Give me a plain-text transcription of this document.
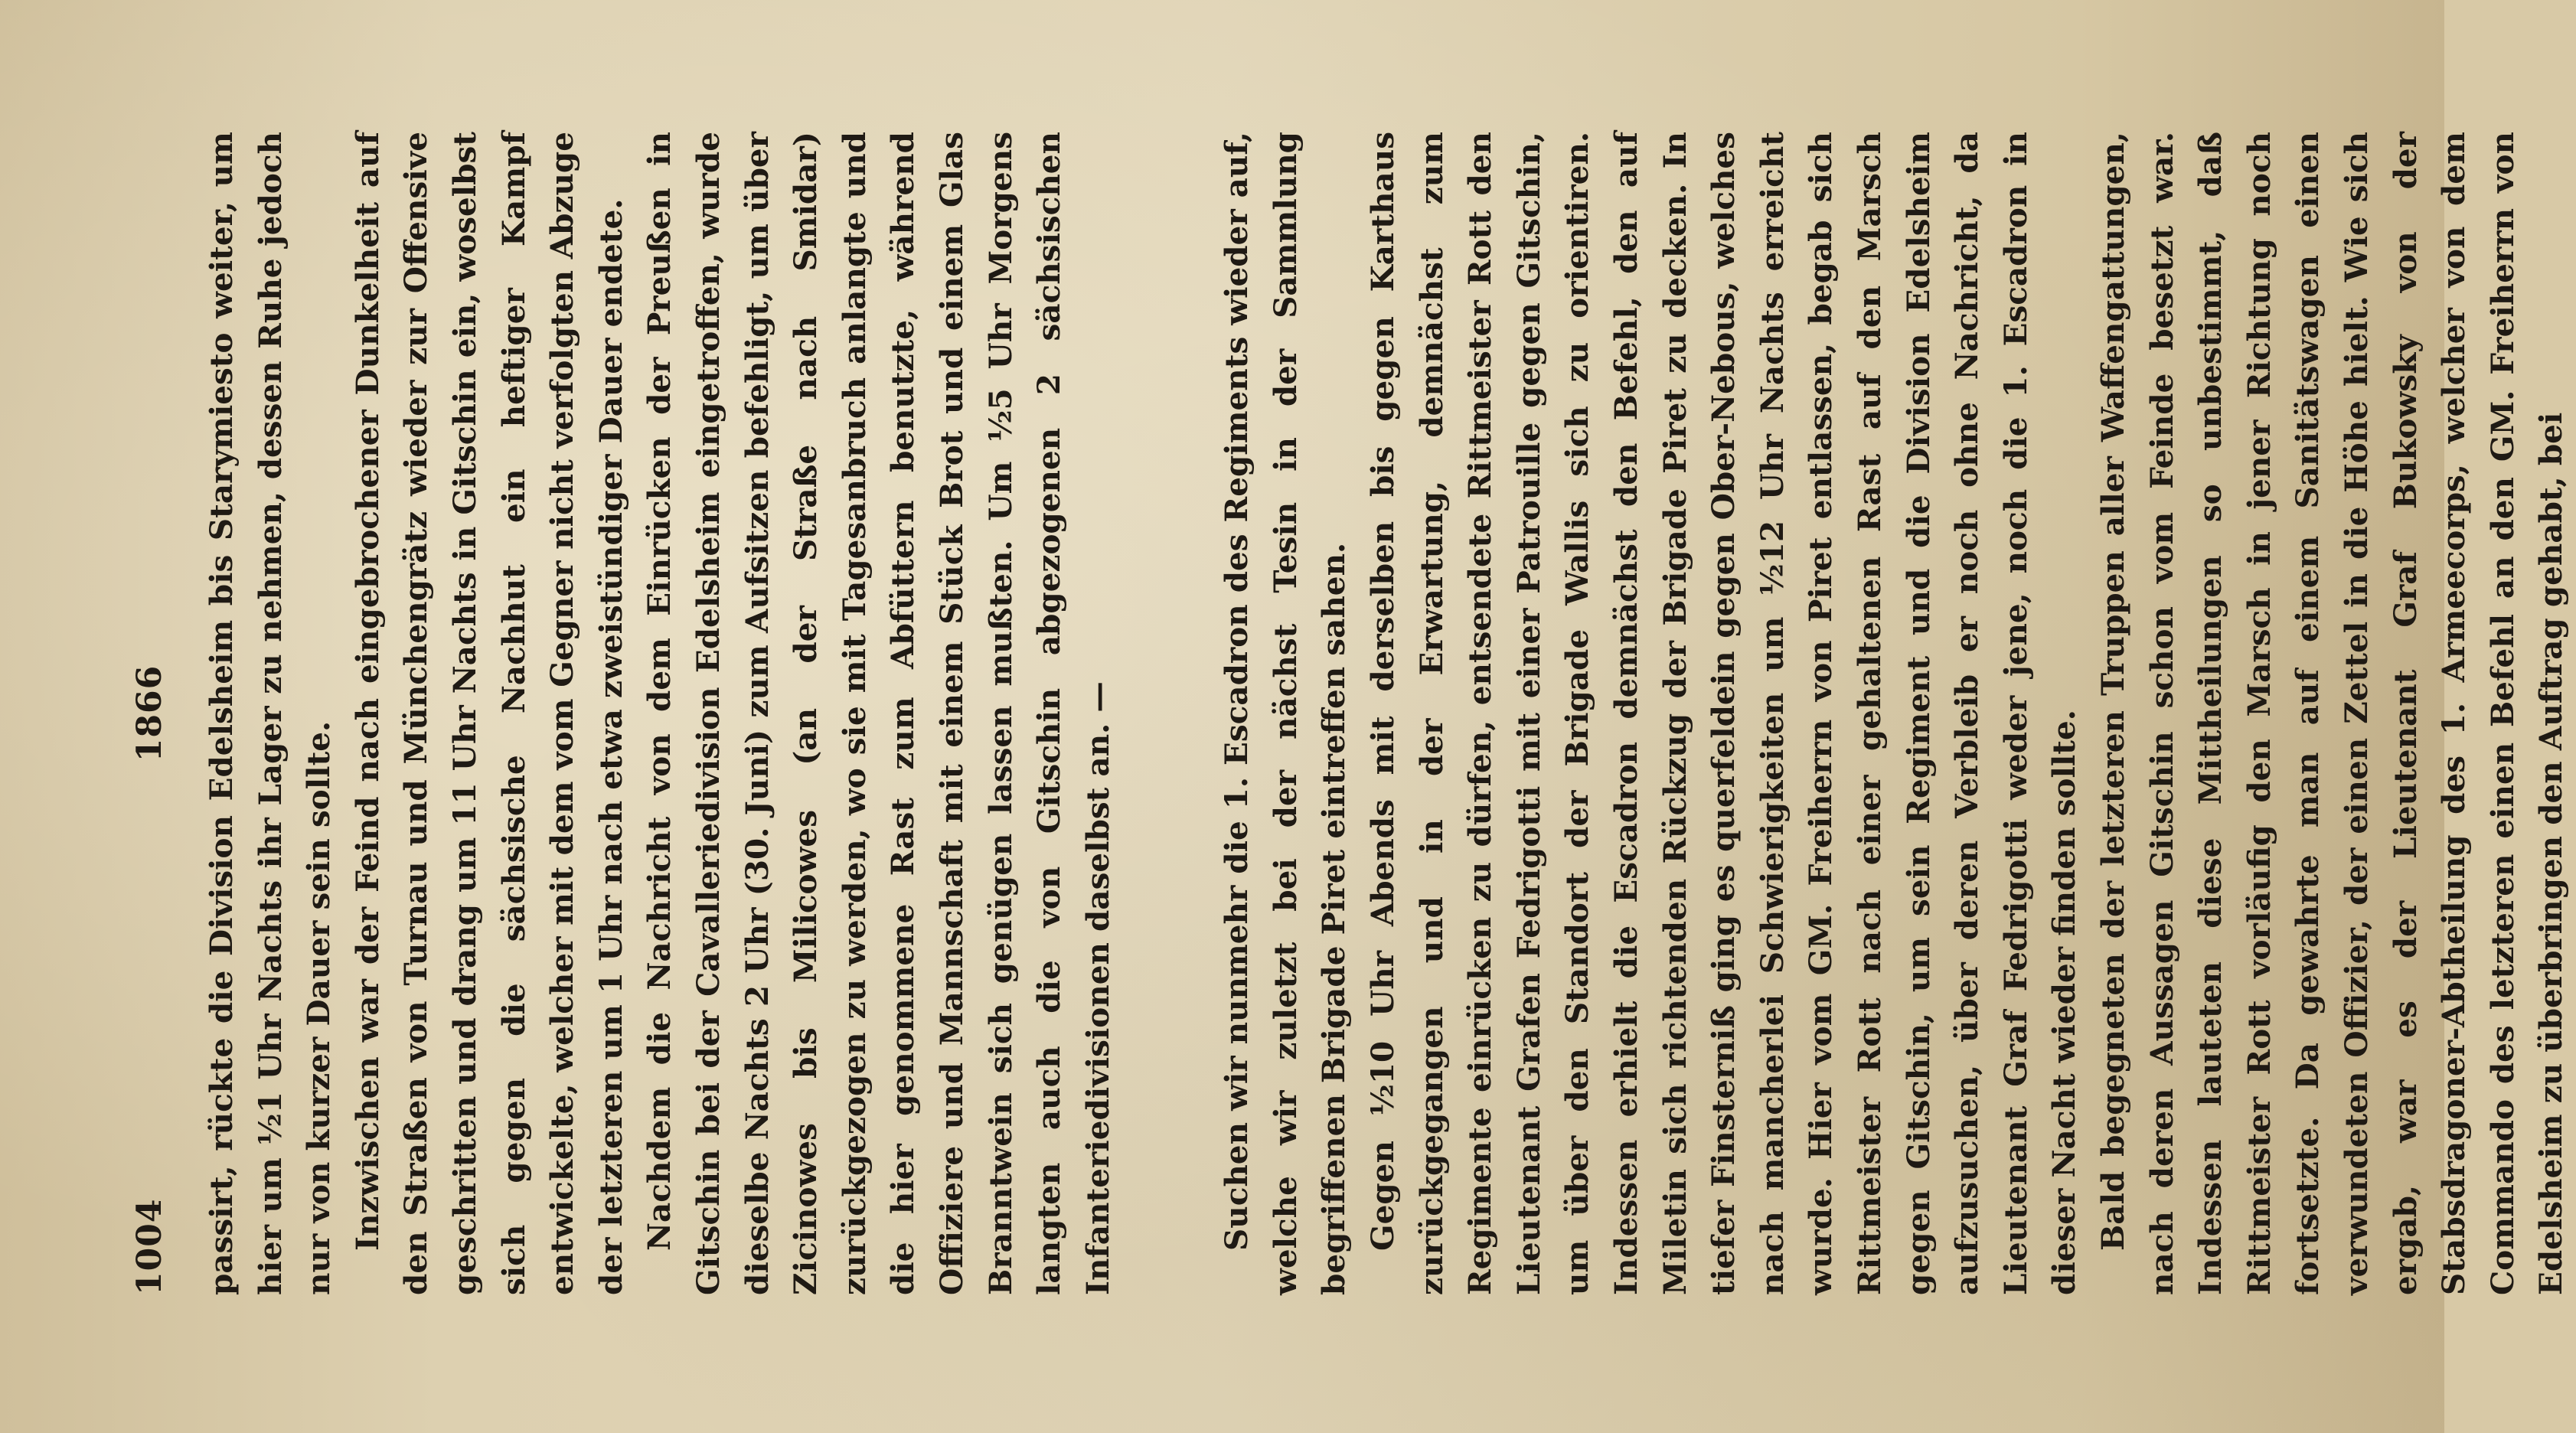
1004
1866 passirt, rückte die Division Edelsheim bis Starymiesto weiter, um hier um ½1 Uhr Nachts ihr Lager zu nehmen, dessen Ruhe jedoch nur von kurzer Dauer sein sollte. Inzwischen war der Feind nach eingebrochener Dunkelheit auf den Straßen von Turnau und Münchengrätz wieder zur Offensive geschritten und drang um 11 Uhr Nachts in Gitschin ein, woselbst sich gegen die sächsische Nachhut ein heftiger Kampf entwickelte, welcher mit dem vom Gegner nicht verfolgten Abzuge der letzteren um 1 Uhr nach etwa zweistündiger Dauer endete. Nachdem die Nachricht von dem Einrücken der Preußen in Gitschin bei der Cavalleriedivision Edelsheim eingetroffen, wurde dieselbe Nachts 2 Uhr (30. Juni) zum Aufsitzen befehligt, um über Zicinowes bis Milicowes (an der Straße nach Smidar) zurückgezogen zu werden, wo sie mit Tagesanbruch anlangte und die hier genommene Rast zum Abfüttern benutzte, während Offiziere und Mannschaft mit einem Stück Brot und einem Glas Branntwein sich genügen lassen mußten. Um ½5 Uhr Morgens langten auch die von Gitschin abgezogenen 2 sächsischen Infanteriedivisionen daselbst an. —	Suchen wir nunmehr die 1. Escadron des Regiments wieder auf, welche wir zuletzt bei der nächst Tesin in der Sammlung begriffenen Brigade Piret eintreffen sahen. Gegen ½10 Uhr Abends mit derselben bis gegen Karthaus zurückgegangen und in der Erwartung, demnächst zum Regimente einrücken zu dürfen, entsendete Rittmeister Rott den Lieutenant Grafen Fedrigotti mit einer Patrouille gegen Gitschin, um über den Standort der Brigade Wallis sich zu orientiren. Indessen erhielt die Escadron demnächst den Befehl, den auf Miletin sich richtenden Rückzug der Brigade Piret zu decken. In tiefer Finsterniß ging es querfeldein gegen Ober-Nebous, welches nach mancherlei Schwierigkeiten um ½12 Uhr Nachts erreicht wurde. Hier vom GM. Freiherrn von Piret entlassen, begab sich Rittmeister Rott nach einer gehaltenen Rast auf den Marsch gegen Gitschin, um sein Regiment und die Division Edelsheim aufzusuchen, über deren Verbleib er noch ohne Nachricht, da Lieutenant Graf Fedrigotti weder jene, noch die 1. Escadron in dieser Nacht wieder finden sollte. Bald begegneten der letzteren Truppen aller Waffengattungen, nach deren Aussagen Gitschin schon vom Feinde besetzt war. Indessen lauteten diese Mittheilungen so unbestimmt, daß Rittmeister Rott vorläufig den Marsch in jener Richtung noch fortsetzte. Da gewahrte man auf einem Sanitätswagen einen verwundeten Offizier, der einen Zettel in die Höhe hielt. Wie sich ergab, war es der Lieutenant Graf Bukowsky von der Stabsdragoner-Abtheilung des 1. Armeecorps, welcher von dem Commando des letzteren einen Befehl an den GM. Freiherrn von Edelsheim zu überbringen den Auftrag gehabt, bei
